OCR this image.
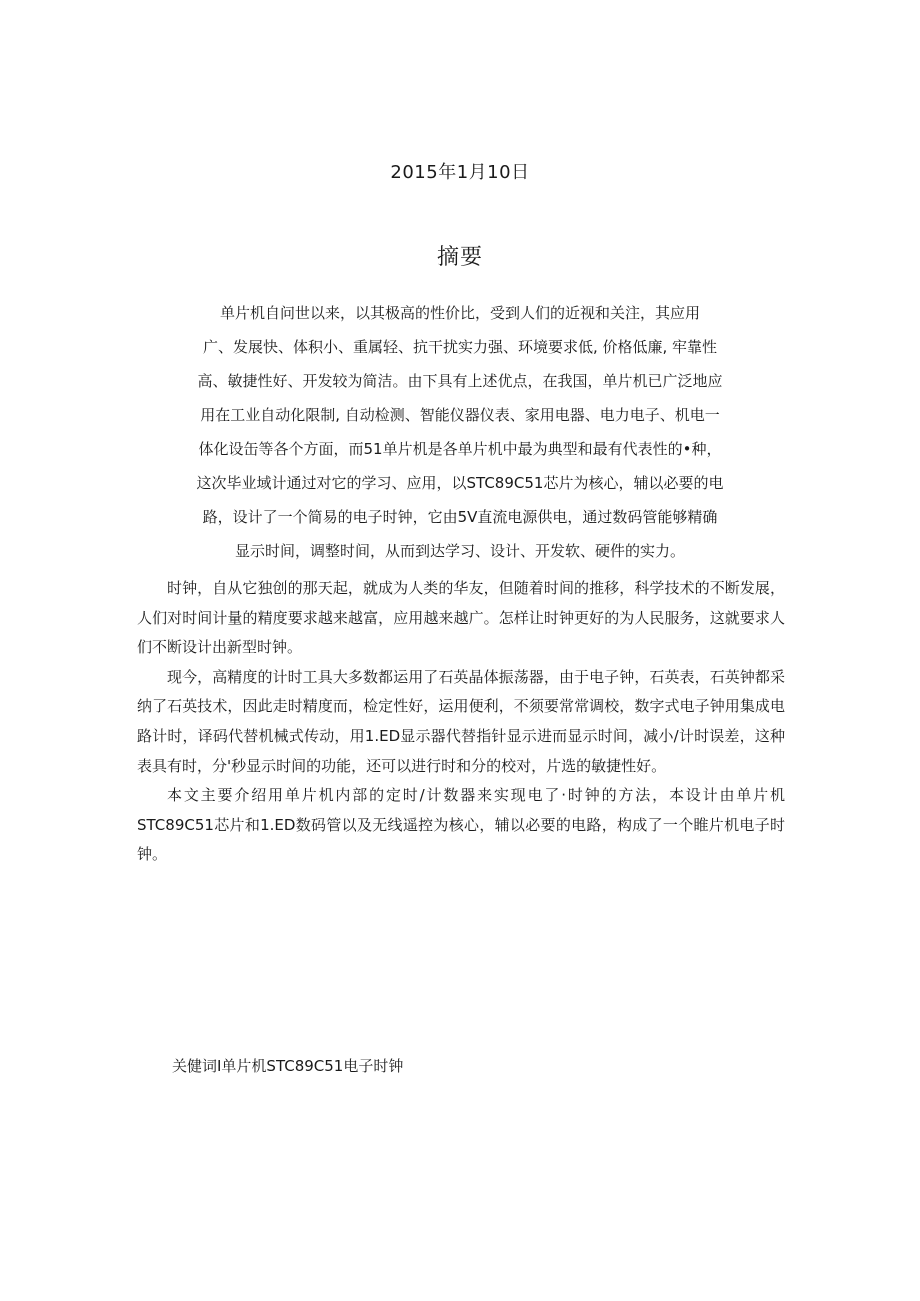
2015年1月10日
摘要
单片机自问世以来，以其极高的性价比，受到人们的近视和关注，其应用
广、发展快、体积小、重属轻、抗干扰实力强、环境要求低, 价格低廉, 牢靠性
高、敏捷性好、开发较为简洁。由下具有上述优点，在我国，单片机已广泛地应
用在工业自动化限制, 自动检测、智能仪器仪表、家用电器、电力电子、机电一
体化设缶等各个方面，而51单片机是各单片机中最为典型和最有代表性的•种，
这次毕业域计通过对它的学习、应用，以STC89C51芯片为核心，辅以必要的电
路，设计了一个简易的电子时钟，它由5V直流电源供电，通过数码管能够精确
显示时间，调整时间，从而到达学习、设计、开发软、硬件的实力。

时钟，自从它独创的那天起，就成为人类的华友，但随着时间的推移，科学技术的不断发展，人们对时间计量的精度要求越来越富，应用越来越广。怎样让时钟更好的为人民服务，这就要求人们不断设计出新型时钟。

现今，高精度的计时工具大多数都运用了石英晶体振荡器，由于电子钟，石英表，石英钟都采纳了石英技术，因此走时精度而，检定性好，运用便利，不须要常常调校，数字式电子钟用集成电路计时，译码代替机械式传动，用1.ED显示器代替指针显示进而显示时间，减小/计时误差，这种表具有时，分'秒显示时间的功能，还可以进行时和分的校对，片选的敏捷性好。

本文主要介绍用单片机内部的定时/计数器来实现电了·时钟的方法，本设计由单片机STC89C51芯片和1.ED数码管以及无线遥控为核心，辅以必要的电路，构成了一个睢片机电子时钟。

关健词I单片机STC89C51电子时钟
